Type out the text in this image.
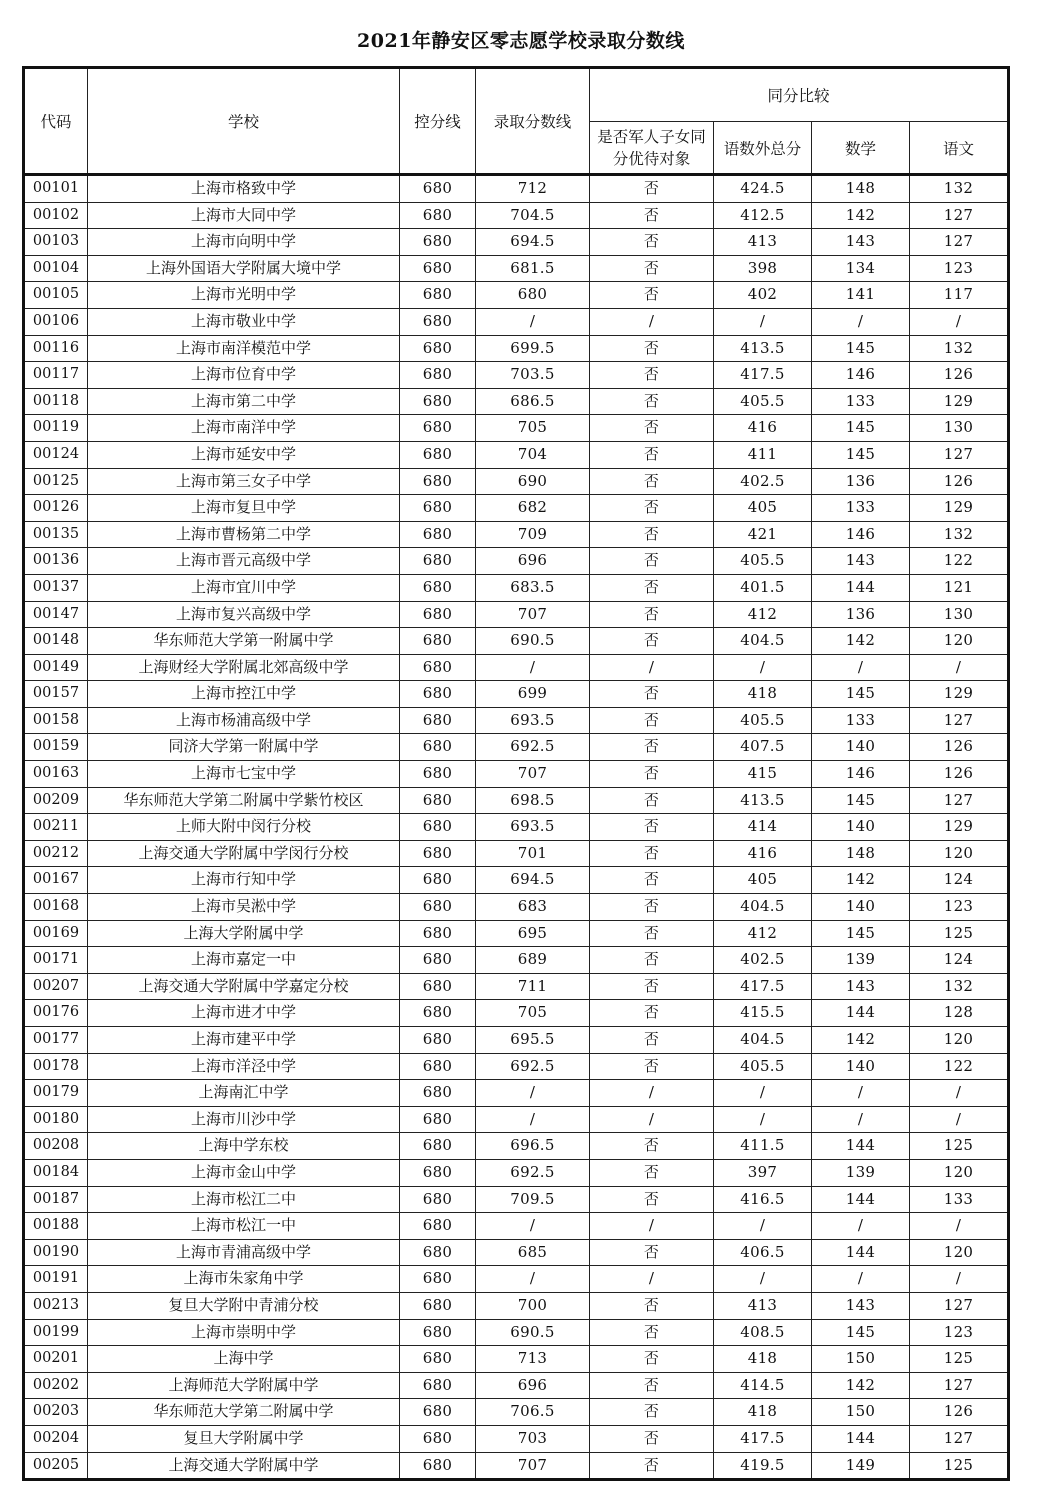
2021年静安区零志愿学校录取分数线
代码	学校	控分线	录取分数线	同分比较			
				是否军人子女同分优待对象	语数外总分	数学	语文
00101	上海市格致中学	680	712	否	424.5	148	132
00102	上海市大同中学	680	704.5	否	412.5	142	127
00103	上海市向明中学	680	694.5	否	413	143	127
00104	上海外国语大学附属大境中学	680	681.5	否	398	134	123
00105	上海市光明中学	680	680	否	402	141	117
00106	上海市敬业中学	680	/	/	/	/	/
00116	上海市南洋模范中学	680	699.5	否	413.5	145	132
00117	上海市位育中学	680	703.5	否	417.5	146	126
00118	上海市第二中学	680	686.5	否	405.5	133	129
00119	上海市南洋中学	680	705	否	416	145	130
00124	上海市延安中学	680	704	否	411	145	127
00125	上海市第三女子中学	680	690	否	402.5	136	126
00126	上海市复旦中学	680	682	否	405	133	129
00135	上海市曹杨第二中学	680	709	否	421	146	132
00136	上海市晋元高级中学	680	696	否	405.5	143	122
00137	上海市宜川中学	680	683.5	否	401.5	144	121
00147	上海市复兴高级中学	680	707	否	412	136	130
00148	华东师范大学第一附属中学	680	690.5	否	404.5	142	120
00149	上海财经大学附属北郊高级中学	680	/	/	/	/	/
00157	上海市控江中学	680	699	否	418	145	129
00158	上海市杨浦高级中学	680	693.5	否	405.5	133	127
00159	同济大学第一附属中学	680	692.5	否	407.5	140	126
00163	上海市七宝中学	680	707	否	415	146	126
00209	华东师范大学第二附属中学紫竹校区	680	698.5	否	413.5	145	127
00211	上师大附中闵行分校	680	693.5	否	414	140	129
00212	上海交通大学附属中学闵行分校	680	701	否	416	148	120
00167	上海市行知中学	680	694.5	否	405	142	124
00168	上海市吴淞中学	680	683	否	404.5	140	123
00169	上海大学附属中学	680	695	否	412	145	125
00171	上海市嘉定一中	680	689	否	402.5	139	124
00207	上海交通大学附属中学嘉定分校	680	711	否	417.5	143	132
00176	上海市进才中学	680	705	否	415.5	144	128
00177	上海市建平中学	680	695.5	否	404.5	142	120
00178	上海市洋泾中学	680	692.5	否	405.5	140	122
00179	上海南汇中学	680	/	/	/	/	/
00180	上海市川沙中学	680	/	/	/	/	/
00208	上海中学东校	680	696.5	否	411.5	144	125
00184	上海市金山中学	680	692.5	否	397	139	120
00187	上海市松江二中	680	709.5	否	416.5	144	133
00188	上海市松江一中	680	/	/	/	/	/
00190	上海市青浦高级中学	680	685	否	406.5	144	120
00191	上海市朱家角中学	680	/	/	/	/	/
00213	复旦大学附中青浦分校	680	700	否	413	143	127
00199	上海市崇明中学	680	690.5	否	408.5	145	123
00201	上海中学	680	713	否	418	150	125
00202	上海师范大学附属中学	680	696	否	414.5	142	127
00203	华东师范大学第二附属中学	680	706.5	否	418	150	126
00204	复旦大学附属中学	680	703	否	417.5	144	127
00205	上海交通大学附属中学	680	707	否	419.5	149	125
